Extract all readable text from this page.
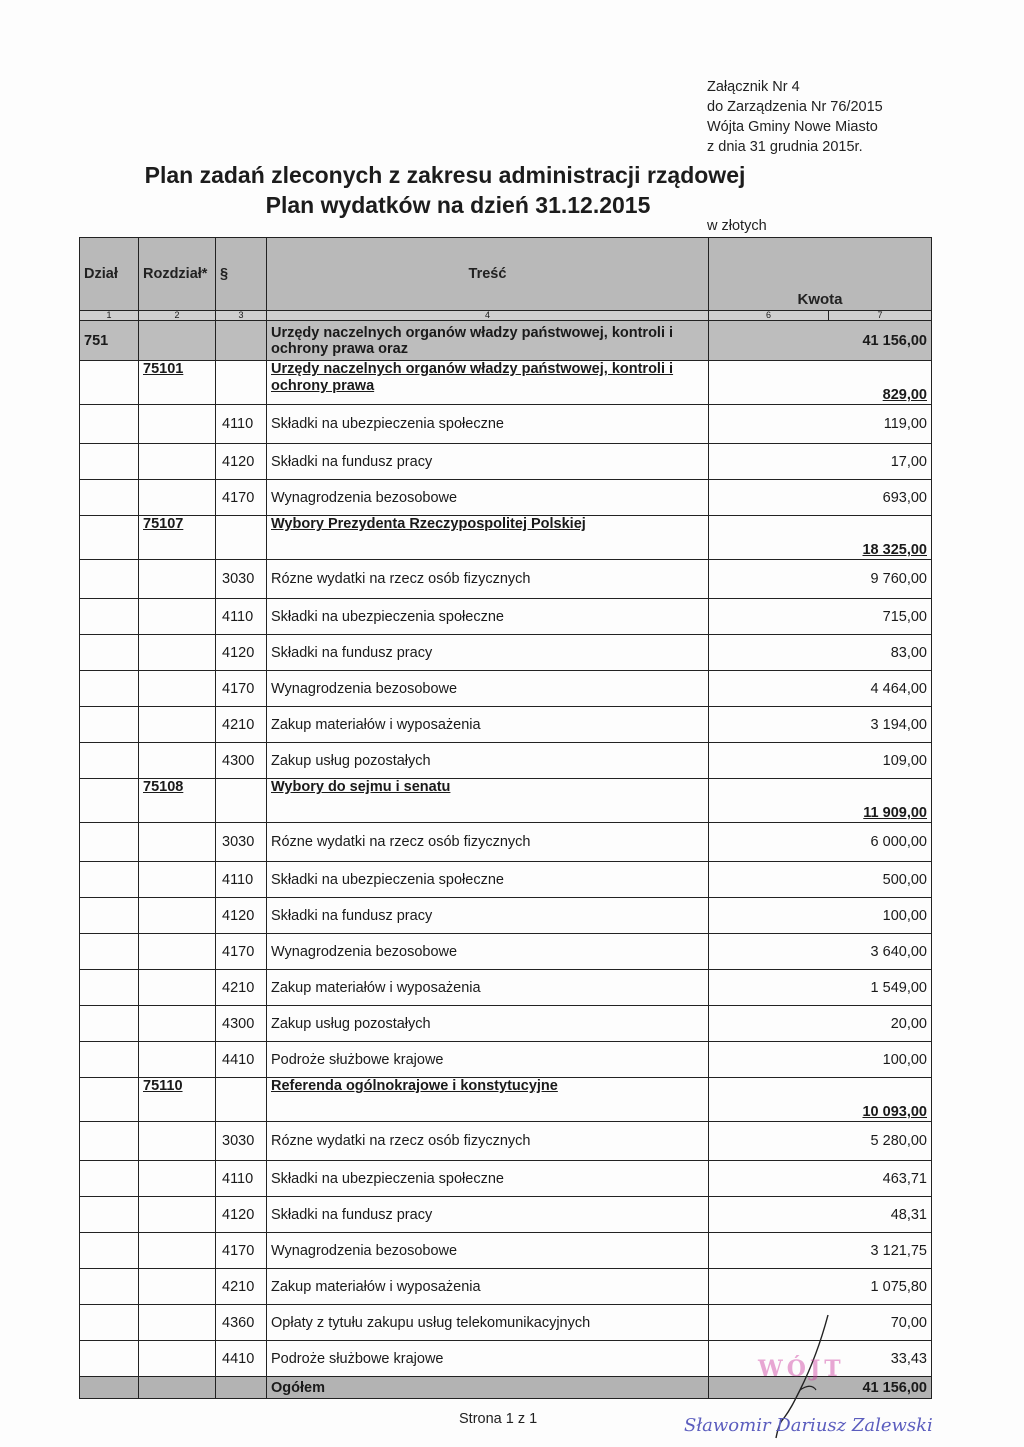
Załącznik Nr 4
do Zarządzenia Nr 76/2015
Wójta Gminy Nowe Miasto
z dnia 31 grudnia 2015r.
Plan zadań zleconych z zakresu administracji rządowej
Plan wydatków na dzień 31.12.2015
w złotych
Dział	Rozdział*	§	Treść	Kwota	
1	2	3	4	6	7
751			Urzędy naczelnych organów władzy państwowej, kontroli i ochrony prawa oraz	41 156,00	
	75101		Urzędy naczelnych organów władzy państwowej, kontroli i ochrony prawa	829,00	
		4110	Składki na ubezpieczenia społeczne	119,00	
		4120	Składki na fundusz pracy	17,00	
		4170	Wynagrodzenia bezosobowe	693,00	
	75107		Wybory Prezydenta Rzeczypospolitej Polskiej	18 325,00	
		3030	Rózne wydatki na rzecz osób fizycznych	9 760,00	
		4110	Składki na ubezpieczenia społeczne	715,00	
		4120	Składki na fundusz pracy	83,00	
		4170	Wynagrodzenia bezosobowe	4 464,00	
		4210	Zakup materiałów i wyposażenia	3 194,00	
		4300	Zakup usług pozostałych	109,00	
	75108		Wybory do sejmu i senatu	11 909,00	
		3030	Rózne wydatki na rzecz osób fizycznych	6 000,00	
		4110	Składki na ubezpieczenia społeczne	500,00	
		4120	Składki na fundusz pracy	100,00	
		4170	Wynagrodzenia bezosobowe	3 640,00	
		4210	Zakup materiałów i wyposażenia	1 549,00	
		4300	Zakup usług pozostałych	20,00	
		4410	Podroże służbowe krajowe	100,00	
	75110		Referenda ogólnokrajowe i konstytucyjne	10 093,00	
		3030	Rózne wydatki na rzecz osób fizycznych	5 280,00	
		4110	Składki na ubezpieczenia społeczne	463,71	
		4120	Składki na fundusz pracy	48,31	
		4170	Wynagrodzenia bezosobowe	3 121,75	
		4210	Zakup materiałów i wyposażenia	1 075,80	
		4360	Opłaty z tytułu zakupu usług telekomunikacyjnych	70,00	
		4410	Podroże służbowe krajowe	33,43	
			Ogółem	41 156,00	
Strona 1 z 1
WÓJT
Sławomir Dariusz Zalewski
